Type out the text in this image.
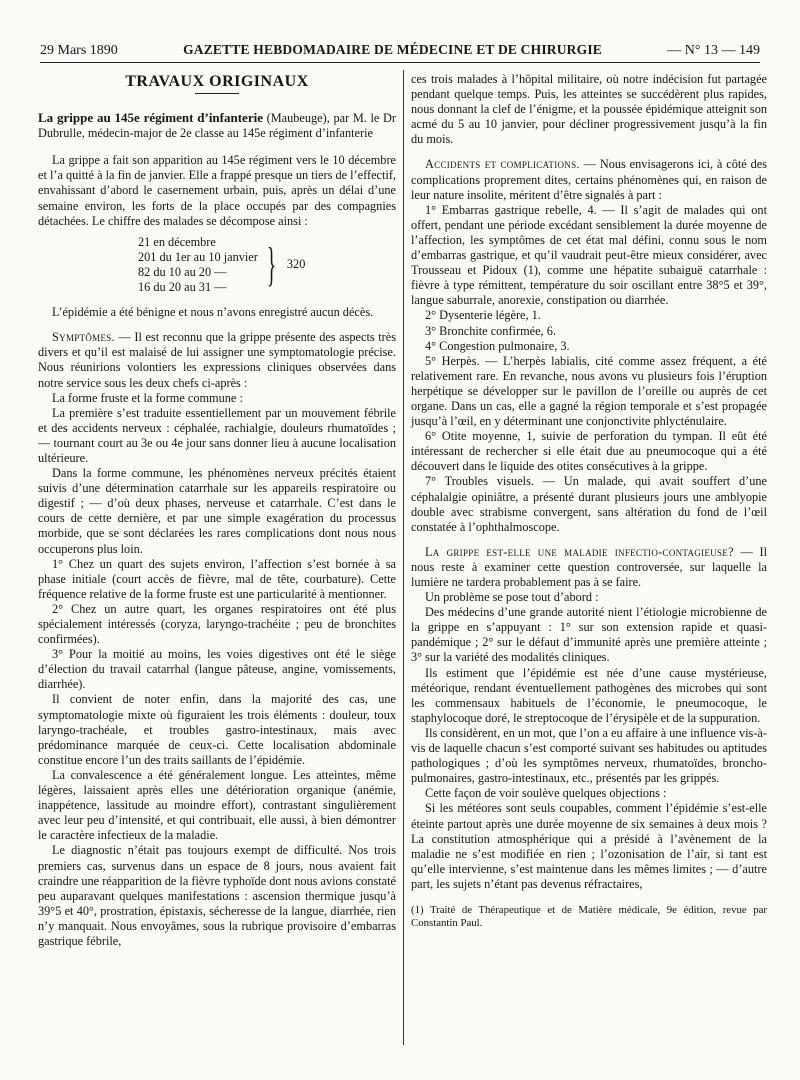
29 Mars 1890	GAZETTE HEBDOMADAIRE DE MÉDECINE ET DE CHIRURGIE	— N° 13 — 149
TRAVAUX ORIGINAUX

La grippe au 145e régiment d’infanterie (Maubeuge), par M. le Dr Dubrulle, médecin-major de 2e classe au 145e régiment d’infanterie

La grippe a fait son apparition au 145e régiment vers le 10 décembre et l’a quitté à la fin de janvier. Elle a frappé presque un tiers de l’effectif, envahissant d’abord le casernement urbain, puis, après un délai d’une semaine environ, les forts de la place occupés par des compagnies détachées. Le chiffre des malades se décompose ainsi :

21 en décembre
201 du 1er au 10 janvier
82 du 10 au 20 —
16 du 20 au 31 — } 320

L’épidémie a été bénigne et nous n’avons enregistré aucun décès.

Symptômes. — Il est reconnu que la grippe présente des aspects très divers et qu’il est malaisé de lui assigner une symptomatologie précise. Nous réunirions volontiers les expressions cliniques observées dans notre service sous les deux chefs ci-après :

La forme fruste et la forme commune :

La première s’est traduite essentiellement par un mouvement fébrile et des accidents nerveux : céphalée, rachialgie, douleurs rhumatoïdes ; — tournant court au 3e ou 4e jour sans donner lieu à aucune localisation ultérieure.

Dans la forme commune, les phénomènes nerveux précités étaient suivis d’une détermination catarrhale sur les appareils respiratoire ou digestif ; — d’où deux phases, nerveuse et catarrhale. C’est dans le cours de cette dernière, et par une simple exagération du processus morbide, que se sont déclarées les rares complications dont nous nous occuperons plus loin.

1° Chez un quart des sujets environ, l’affection s’est bornée à sa phase initiale (court accès de fièvre, mal de tête, courbature). Cette fréquence relative de la forme fruste est une particularité à mentionner.

2° Chez un autre quart, les organes respiratoires ont été plus spécialement intéressés (coryza, laryngo-trachéite ; peu de bronchites confirmées).

3° Pour la moitié au moins, les voies digestives ont été le siège d’élection du travail catarrhal (langue pâteuse, angine, vomissements, diarrhée).

Il convient de noter enfin, dans la majorité des cas, une symptomatologie mixte où figuraient les trois éléments : douleur, toux laryngo-trachéale, et troubles gastro-intestinaux, mais avec prédominance marquée de ceux-ci. Cette localisation abdominale constitue encore l’un des traits saillants de l’épidémie.

La convalescence a été généralement longue. Les atteintes, même légères, laissaient après elles une détérioration organique (anémie, inappétence, lassitude au moindre effort), contrastant singulièrement avec leur peu d’intensité, et qui contribuait, elle aussi, à bien démontrer le caractère infectieux de la maladie.

Le diagnostic n’était pas toujours exempt de difficulté. Nos trois premiers cas, survenus dans un espace de 8 jours, nous avaient fait craindre une réapparition de la fièvre typhoïde dont nous avions constaté peu auparavant quelques manifestations : ascension thermique jusqu’à 39°5 et 40°, prostration, épistaxis, sécheresse de la langue, diarrhée, rien n’y manquait. Nous envoyâmes, sous la rubrique provisoire d’embarras gastrique fébrile,

ces trois malades à l’hôpital militaire, où notre indécision fut partagée pendant quelque temps. Puis, les atteintes se succédèrent plus rapides, nous donnant la clef de l’énigme, et la poussée épidémique atteignit son acmé du 5 au 10 janvier, pour décliner progressivement jusqu’à la fin du mois.

Accidents et complications. — Nous envisagerons ici, à côté des complications proprement dites, certains phénomènes qui, en raison de leur nature insolite, méritent d’être signalés à part :

1° Embarras gastrique rebelle, 4. — Il s’agit de malades qui ont offert, pendant une période excédant sensiblement la durée moyenne de l’affection, les symptômes de cet état mal défini, connu sous le nom d’embarras gastrique, et qu’il vaudrait peut-être mieux considérer, avec Trousseau et Pidoux (1), comme une hépatite subaiguë catarrhale : fièvre à type rémittent, température du soir oscillant entre 38°5 et 39°, langue saburrale, anorexie, constipation ou diarrhée.

2° Dysenterie légère, 1.

3° Bronchite confirmée, 6.

4° Congestion pulmonaire, 3.

5° Herpès. — L’herpès labialis, cité comme assez fréquent, a été relativement rare. En revanche, nous avons vu plusieurs fois l’éruption herpétique se développer sur le pavillon de l’oreille ou auprès de cet organe. Dans un cas, elle a gagné la région temporale et s’est propagée jusqu’à l’œil, en y déterminant une conjonctivite phlycténulaire.

6° Otite moyenne, 1, suivie de perforation du tympan. Il eût été intéressant de rechercher si elle était due au pneumocoque qui a été découvert dans le liquide des otites consécutives à la grippe.

7° Troubles visuels. — Un malade, qui avait souffert d’une céphalalgie opiniâtre, a présenté durant plusieurs jours une amblyopie double avec strabisme convergent, sans altération du fond de l’œil constatée à l’ophthalmoscope.

La grippe est-elle une maladie infectio-contagieuse? — Il nous reste à examiner cette question controversée, sur laquelle la lumière ne tardera probablement pas à se faire.

Un problème se pose tout d’abord :

Des médecins d’une grande autorité nient l’étiologie microbienne de la grippe en s’appuyant : 1° sur son extension rapide et quasi-pandémique ; 2° sur le défaut d’immunité après une première atteinte ; 3° sur la variété des modalités cliniques.

Ils estiment que l’épidémie est née d’une cause mystérieuse, météorique, rendant éventuellement pathogènes des microbes qui sont les commensaux habituels de l’économie, le pneumocoque, le staphylocoque doré, le streptocoque de l’érysipèle et de la suppuration.

Ils considèrent, en un mot, que l’on a eu affaire à une influence vis-à-vis de laquelle chacun s’est comporté suivant ses habitudes ou aptitudes pathologiques ; d’où les symptômes nerveux, rhumatoïdes, broncho-pulmonaires, gastro-intestinaux, etc., présentés par les grippés.

Cette façon de voir soulève quelques objections :

Si les météores sont seuls coupables, comment l’épidémie s’est-elle éteinte partout après une durée moyenne de six semaines à deux mois ? La constitution atmosphérique qui a présidé à l’avènement de la maladie ne s’est modifiée en rien ; l’ozonisation de l’air, si tant est qu’elle intervienne, s’est maintenue dans les mêmes limites ; — d’autre part, les sujets n’étant pas devenus réfractaires,

(1) Traité de Thérapeutique et de Matière médicale, 9e édition, revue par Constantin Paul.
